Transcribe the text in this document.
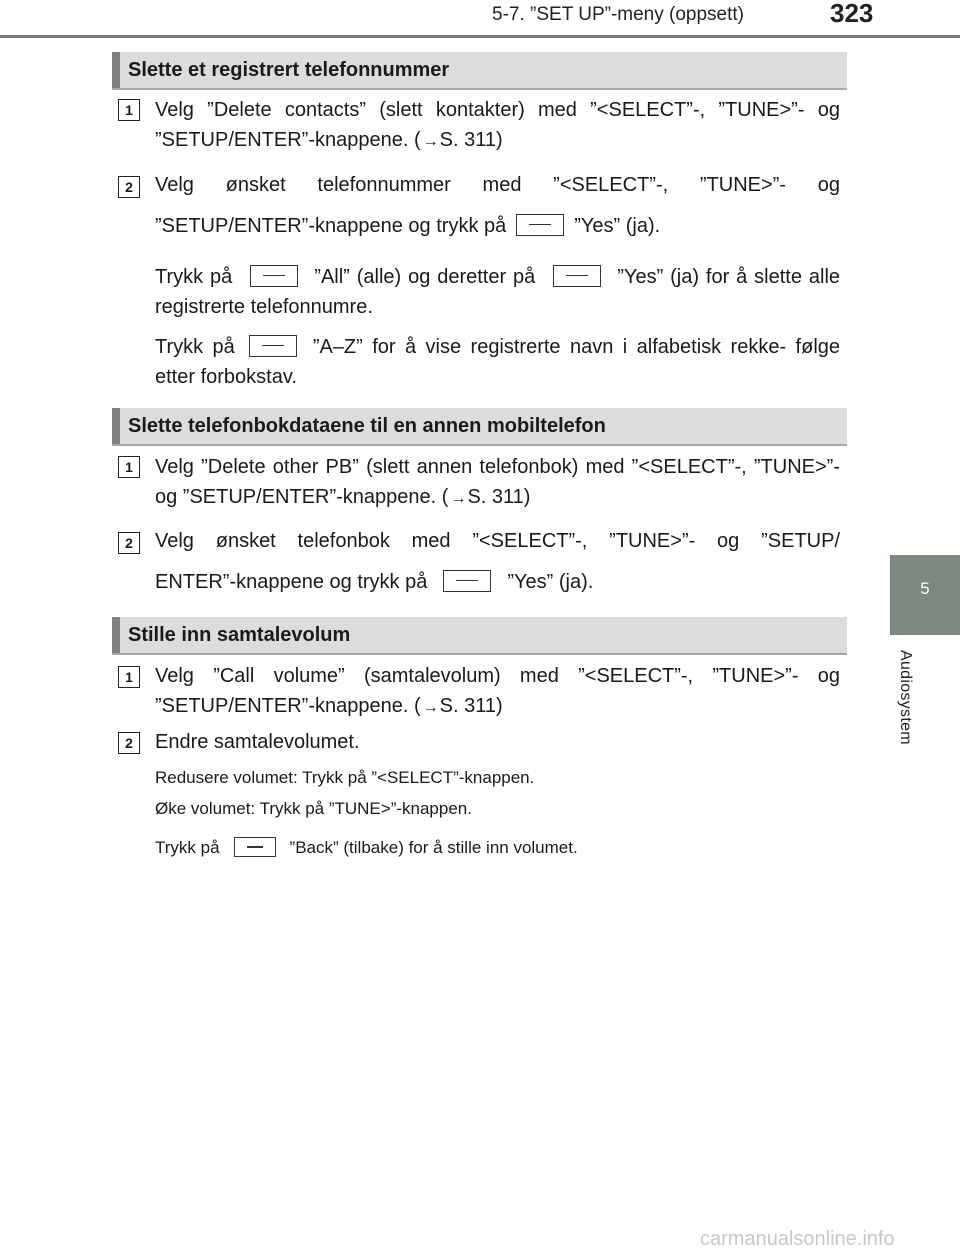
5-7. ”SET UP”-meny (oppsett)	323
5
Audiosystem
Slette et registrert telefonnummer
1	Velg ”Delete contacts” (slett kontakter) med ”<SELECT”-, ”TUNE>”- og ”SETUP/ENTER”-knappene. ( →S. 311)
2	Velg ønsket telefonnummer med ”<SELECT”-, ”TUNE>”- og
”SETUP/ENTER”-knappene og trykk på	”Yes” (ja).
Trykk på	”All” (alle) og deretter på	”Yes” (ja) for å slette alle registrerte telefonnumre.
Trykk på	”A–Z” for å vise registrerte navn i alfabetisk rekke- følge etter forbokstav.
Slette telefonbokdataene til en annen mobiltelefon
1	Velg ”Delete other PB” (slett annen telefonbok) med ”<SELECT”-, ”TUNE>”- og ”SETUP/ENTER”-knappene. ( →S. 311)
2	Velg ønsket telefonbok med ”<SELECT”-, ”TUNE>”- og ”SETUP/
ENTER”-knappene og trykk på	”Yes” (ja).
Stille inn samtalevolum
1	Velg ”Call volume” (samtalevolum) med ”<SELECT”-, ”TUNE>”- og ”SETUP/ENTER”-knappene. ( →S. 311)
2	Endre samtalevolumet.
Redusere volumet: Trykk på ”<SELECT”-knappen.
Øke volumet: Trykk på ”TUNE>”-knappen.
Trykk på	”Back” (tilbake) for å stille inn volumet.
carmanualsonline.info
